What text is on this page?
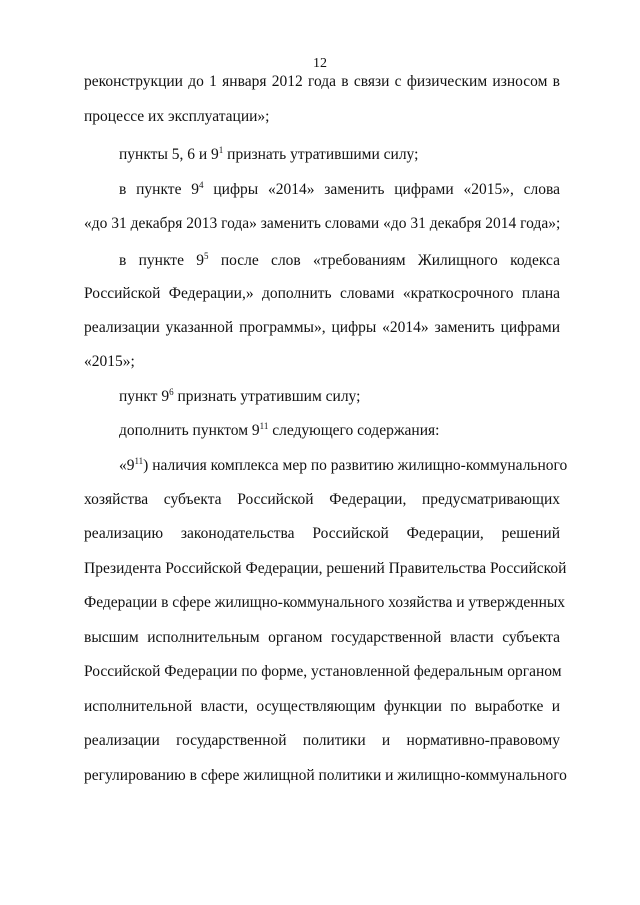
12
реконструкции до 1 января 2012 года в связи с физическим износом в
процессе их эксплуатации»;
пункты 5, 6 и $9^1$ признать утратившими силу;
в пункте $9^4$ цифры «2014» заменить цифрами «2015», слова
«до 31 декабря 2013 года» заменить словами «до 31 декабря 2014 года»;
в пункте $9^5$ после слов «требованиям Жилищного кодекса
Российской Федерации,» дополнить словами «краткосрочного плана
реализации указанной программы», цифры «2014» заменить цифрами
«2015»;
пункт $9^6$ признать утратившим силу;
дополнить пунктом $9^{11}$ следующего содержания:
«$9^{11}$) наличия комплекса мер по развитию жилищно-коммунального
хозяйства субъекта Российской Федерации, предусматривающих
реализацию законодательства Российской Федерации, решений
Президента Российской Федерации, решений Правительства Российской
Федерации в сфере жилищно-коммунального хозяйства и утвержденных
высшим исполнительным органом государственной власти субъекта
Российской Федерации по форме, установленной федеральным органом
исполнительной власти, осуществляющим функции по выработке и
реализации государственной политики и нормативно-правовому
регулированию в сфере жилищной политики и жилищно-коммунального
